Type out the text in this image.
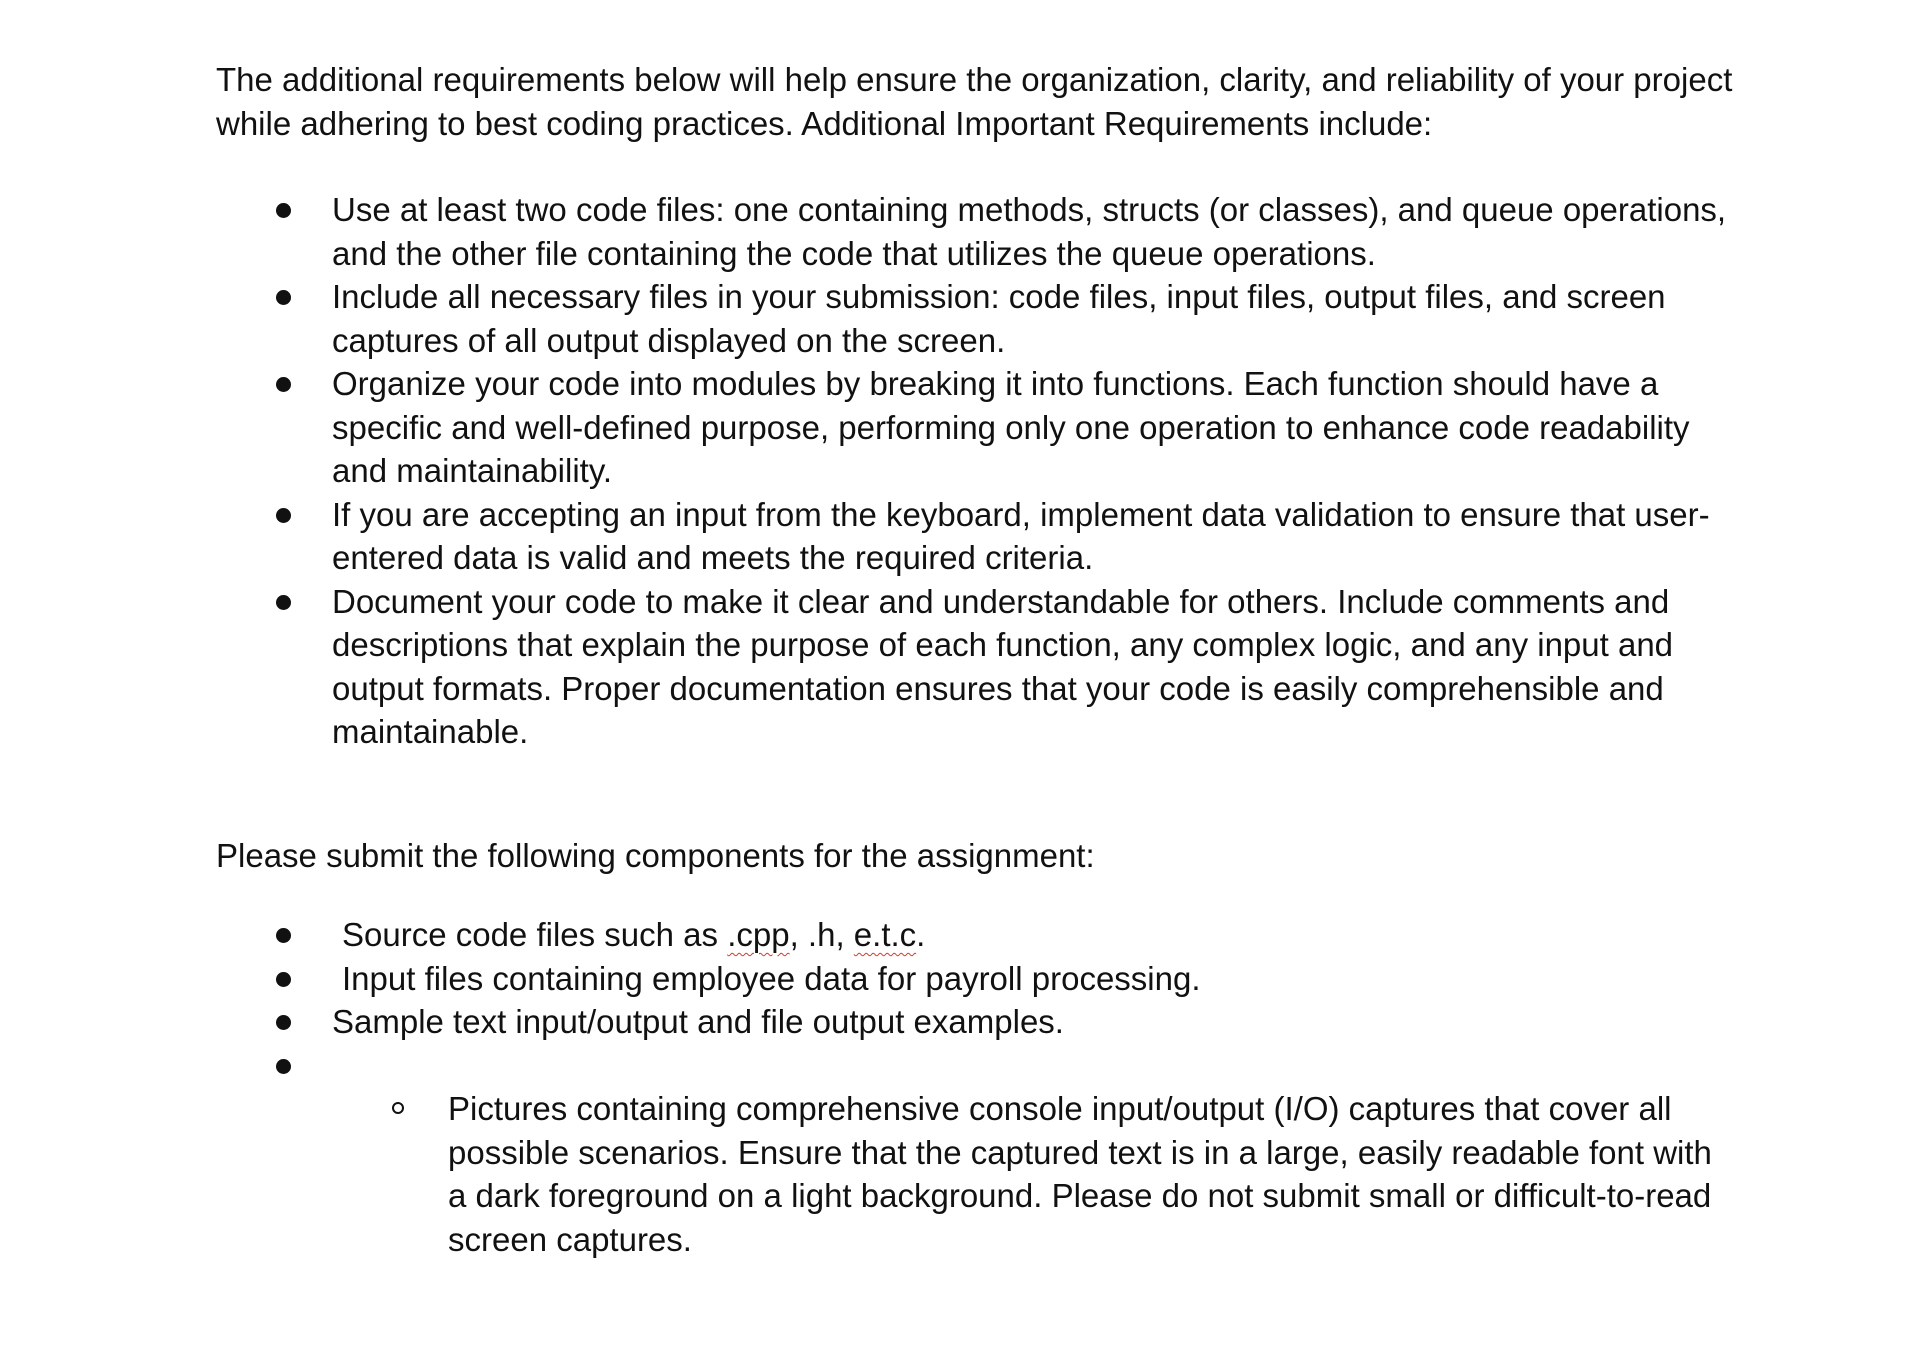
The additional requirements below will help ensure the organization, clarity, and reliability of your project while adhering to best coding practices. Additional Important Requirements include:

Use at least two code files: one containing methods, structs (or classes), and queue operations, and the other file containing the code that utilizes the queue operations.
Include all necessary files in your submission: code files, input files, output files, and screen captures of all output displayed on the screen.
Organize your code into modules by breaking it into functions. Each function should have a specific and well-defined purpose, performing only one operation to enhance code readability and maintainability.
If you are accepting an input from the keyboard, implement data validation to ensure that user-entered data is valid and meets the required criteria.
Document your code to make it clear and understandable for others. Include comments and descriptions that explain the purpose of each function, any complex logic, and any input and output formats. Proper documentation ensures that your code is easily comprehensible and maintainable.

Please submit the following components for the assignment:

Source code files such as .cpp, .h, e.t.c.
Input files containing employee data for payroll processing.
Sample text input/output and file output examples.

Pictures containing comprehensive console input/output (I/O) captures that cover all possible scenarios. Ensure that the captured text is in a large, easily readable font with a dark foreground on a light background. Please do not submit small or difficult-to-read screen captures.
